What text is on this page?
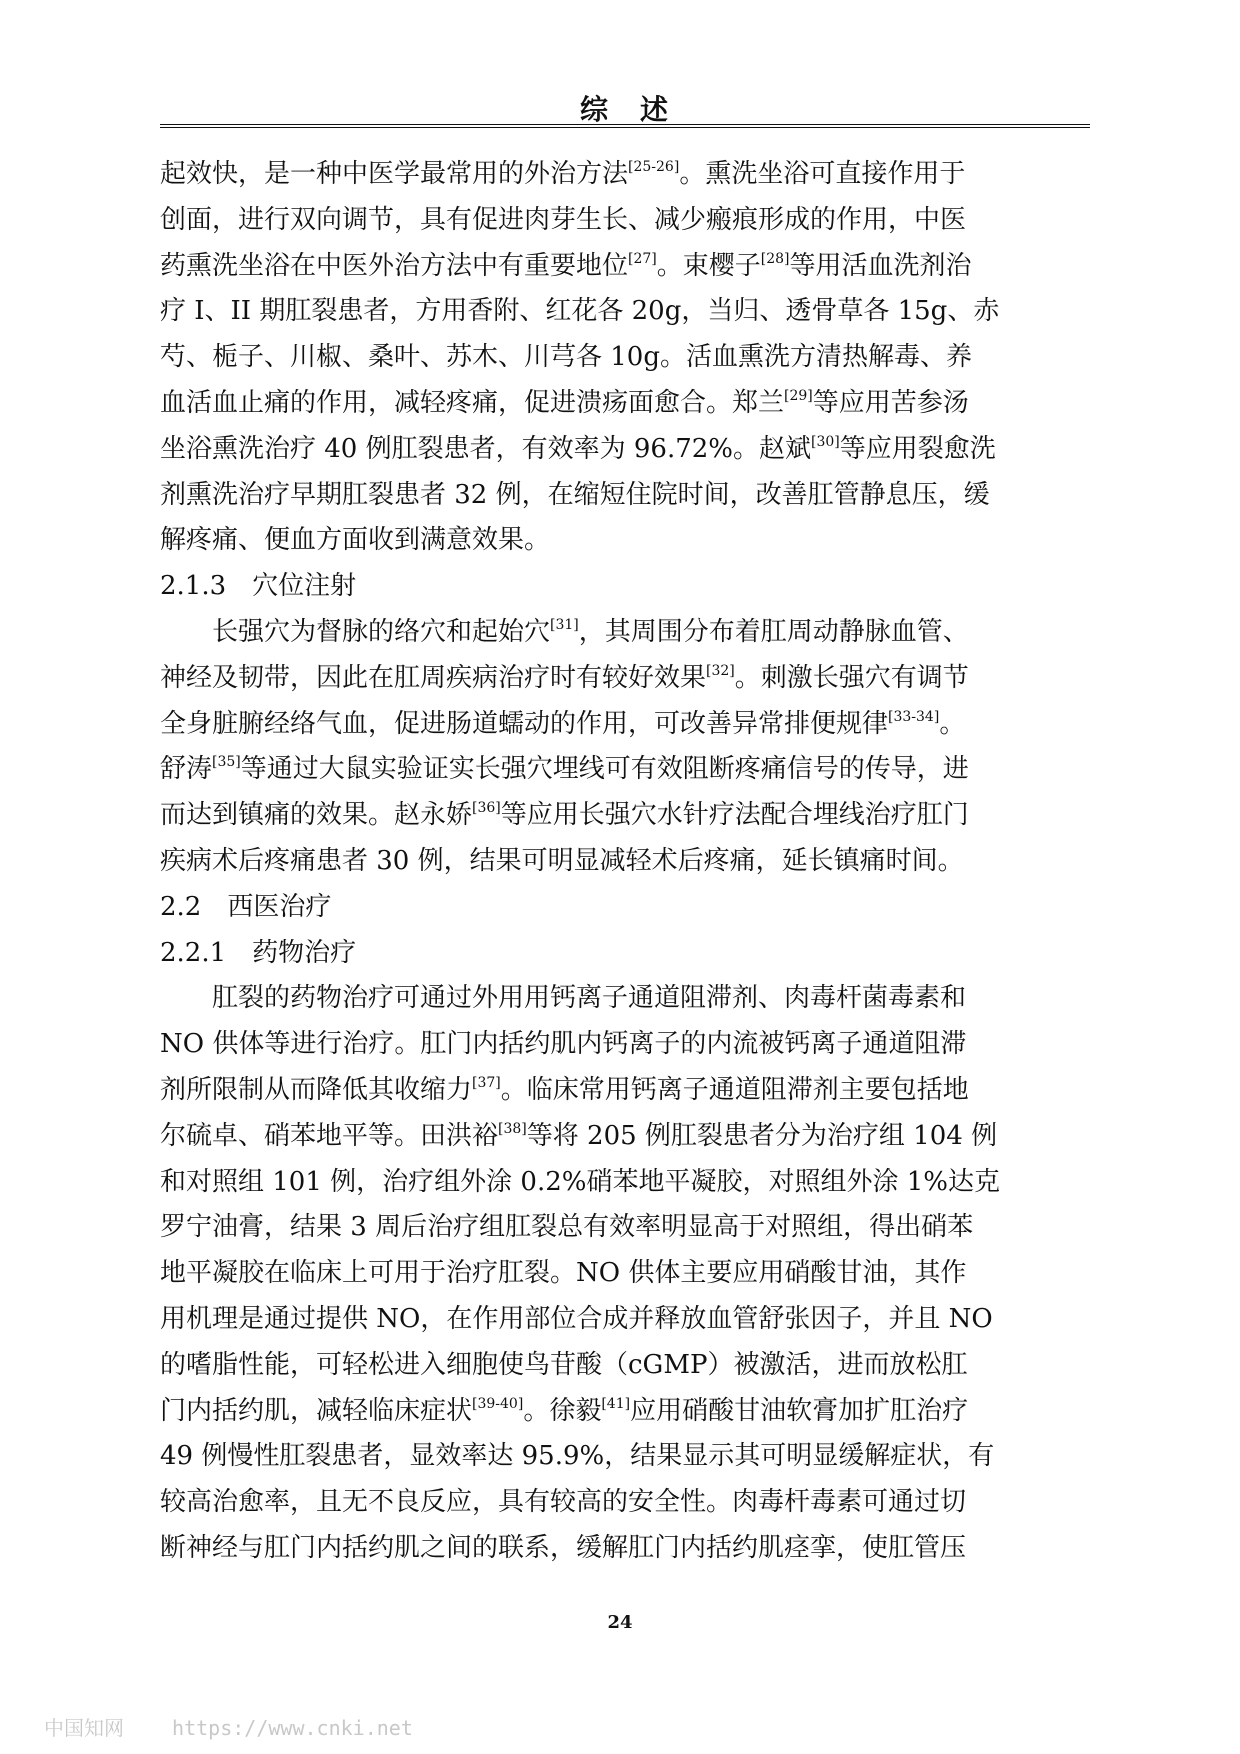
综　述
起效快，是一种中医学最常用的外治方法[25-26]。熏洗坐浴可直接作用于
创面，进行双向调节，具有促进肉芽生长、减少瘢痕形成的作用，中医
药熏洗坐浴在中医外治方法中有重要地位[27]。束樱子[28]等用活血洗剂治
疗 I、II 期肛裂患者，方用香附、红花各 20g，当归、透骨草各 15g、赤
芍、栀子、川椒、桑叶、苏木、川芎各 10g。活血熏洗方清热解毒、养
血活血止痛的作用，减轻疼痛，促进溃疡面愈合。郑兰[29]等应用苦参汤
坐浴熏洗治疗 40 例肛裂患者，有效率为 96.72%。赵斌[30]等应用裂愈洗
剂熏洗治疗早期肛裂患者 32 例，在缩短住院时间，改善肛管静息压，缓
解疼痛、便血方面收到满意效果。
2.1.3　穴位注射
长强穴为督脉的络穴和起始穴[31]，其周围分布着肛周动静脉血管、
神经及韧带，因此在肛周疾病治疗时有较好效果[32]。刺激长强穴有调节
全身脏腑经络气血，促进肠道蠕动的作用，可改善异常排便规律[33-34]。
舒涛[35]等通过大鼠实验证实长强穴埋线可有效阻断疼痛信号的传导，进
而达到镇痛的效果。赵永娇[36]等应用长强穴水针疗法配合埋线治疗肛门
疾病术后疼痛患者 30 例，结果可明显减轻术后疼痛，延长镇痛时间。
2.2　西医治疗
2.2.1　药物治疗
肛裂的药物治疗可通过外用用钙离子通道阻滞剂、肉毒杆菌毒素和
NO 供体等进行治疗。肛门内括约肌内钙离子的内流被钙离子通道阻滞
剂所限制从而降低其收缩力[37]。临床常用钙离子通道阻滞剂主要包括地
尔硫卓、硝苯地平等。田洪裕[38]等将 205 例肛裂患者分为治疗组 104 例
和对照组 101 例，治疗组外涂 0.2%硝苯地平凝胶，对照组外涂 1%达克
罗宁油膏，结果 3 周后治疗组肛裂总有效率明显高于对照组，得出硝苯
地平凝胶在临床上可用于治疗肛裂。NO 供体主要应用硝酸甘油，其作
用机理是通过提供 NO，在作用部位合成并释放血管舒张因子，并且 NO
的嗜脂性能，可轻松进入细胞使鸟苷酸（cGMP）被激活，进而放松肛
门内括约肌，减轻临床症状[39-40]。徐毅[41]应用硝酸甘油软膏加扩肛治疗
49 例慢性肛裂患者，显效率达 95.9%，结果显示其可明显缓解症状，有
较高治愈率，且无不良反应，具有较高的安全性。肉毒杆毒素可通过切
断神经与肛门内括约肌之间的联系，缓解肛门内括约肌痉挛，使肛管压
24
中国知网 https://www.cnki.net
